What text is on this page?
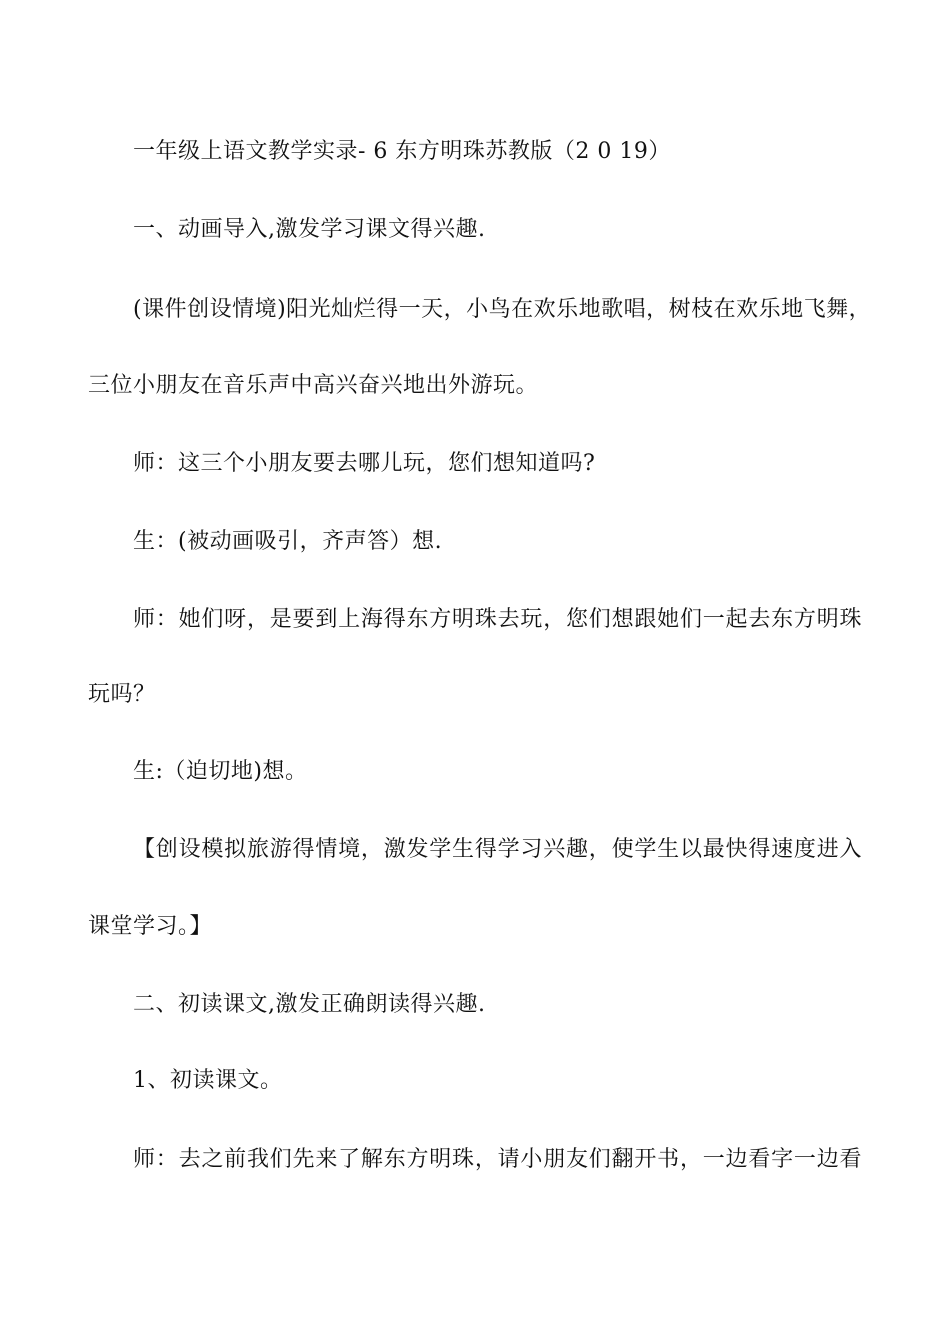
一年级上语文教学实录- 6 东方明珠苏教版（2 0 19）
一、动画导入,激发学习课文得兴趣.
(课件创设情境)阳光灿烂得一天，小鸟在欢乐地歌唱，树枝在欢乐地飞舞，
三位小朋友在音乐声中高兴奋兴地出外游玩。
师：这三个小朋友要去哪儿玩，您们想知道吗?
生：(被动画吸引，齐声答）想.
师：她们呀，是要到上海得东方明珠去玩，您们想跟她们一起去东方明珠
玩吗？
生:（迫切地)想。
【创设模拟旅游得情境，激发学生得学习兴趣，使学生以最快得速度进入
课堂学习。】
二、初读课文,激发正确朗读得兴趣.
1、初读课文。
师：去之前我们先来了解东方明珠，请小朋友们翻开书，一边看字一边看
